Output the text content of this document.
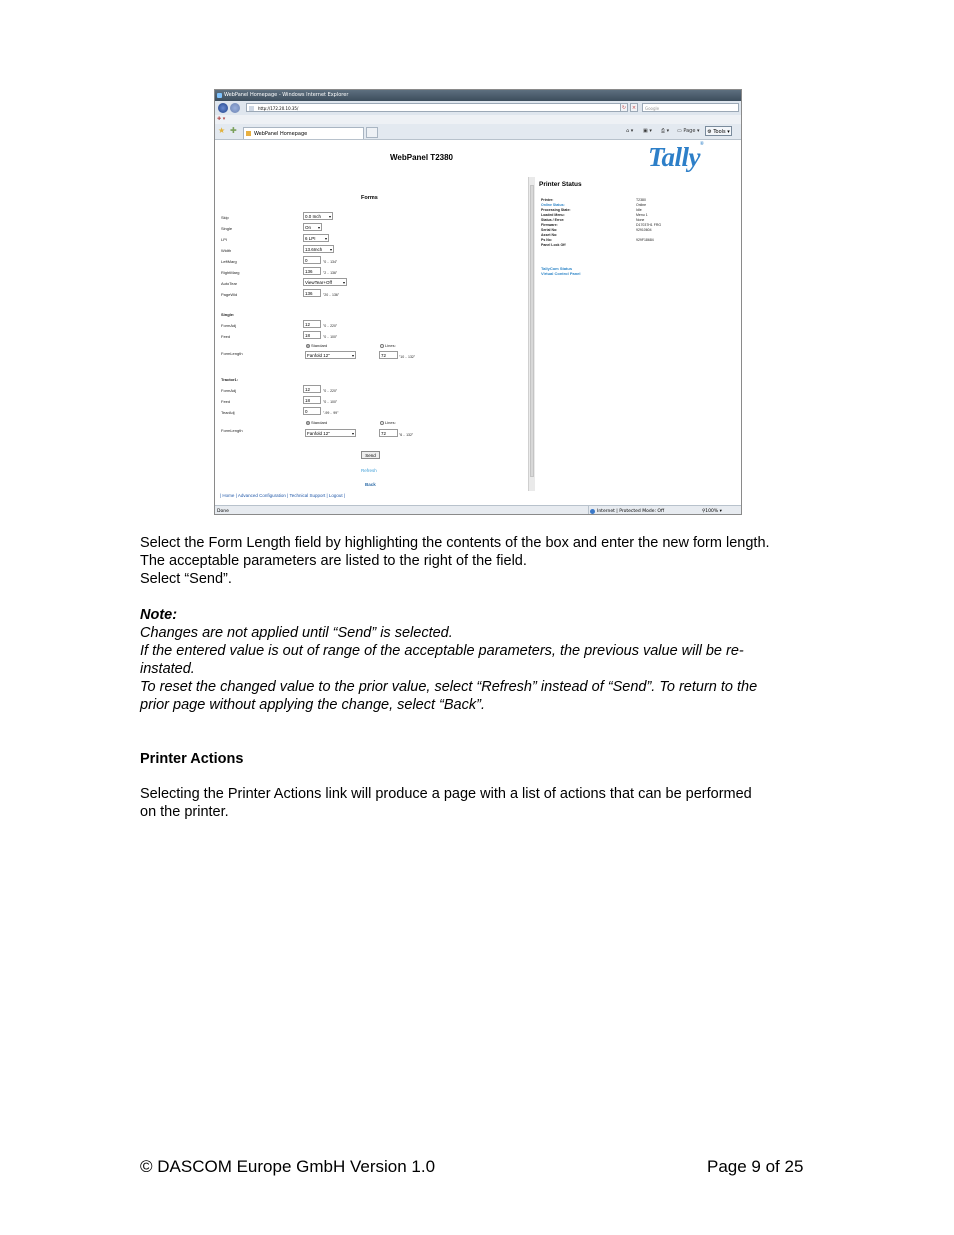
WebPanel Homepage - Windows Internet Explorer
http://172.20.10.35/	↻	×	Google
✚ ▾
★ ✚	WebPanel Homepage	⌂ ▾ ▣ ▾ ⎙ ▾ ▭ Page ▾	⚙ Tools ▾
WebPanel T2380	Tally®
Forms
Skip	0.0 Inch ▾
Single	On ▾
LPI	6 LPI ▾
Width	13.6Inch ▾
LeftMarg	0	"0 .. 134"
RightMarg	136	"2 .. 136"
AutoTear	ViewTear+Off	▾
PageWid	136	"20 .. 136"
Single:
FormAdj	12	"0 .. 220"
Feed	18	"0 .. 100"
FormLength
Standard
Fanfold 12"	▾
Lines:
72	"10 .. 132"
Tractor1:
FormAdj	12	"0 .. 220"
Feed	18	"0 .. 100"
TearAdj	0	"-99 .. 99"
FormLength
Standard
Fanfold 12"	▾
Lines:
72	"6 .. 132"
Send
Refresh
Back
| Home | Advanced Configuration | Technical Support | Logout |
Printer Status
Printer:	T2380
Online Status:	Online
Processing State:	Idle
Loaded Menu:	Menu 1
Status / Error:	None
Firmware:	D17037H1 FRG
Serial No:	92910604
Asset No:
Ps No:	929F18684
Panel Lock Off
TallyCom Status
Virtual Control Panel
Done	Internet | Protected Mode: Off	⚲100% ▾
Select the Form Length field by highlighting the contents of the box and enter the new form length.
The acceptable parameters are listed to the right of the field.
Select “Send”.
Note:
Changes are not applied until “Send” is selected.
If the entered value is out of range of the acceptable parameters, the previous value will be re-
instated.
To reset the changed value to the prior value, select “Refresh” instead of “Send”. To return to the
prior page without applying the change, select “Back”.
Printer Actions
Selecting the Printer Actions link will produce a page with a list of actions that can be performed
on the printer.
© DASCOM Europe GmbH Version 1.0	Page 9 of 25
